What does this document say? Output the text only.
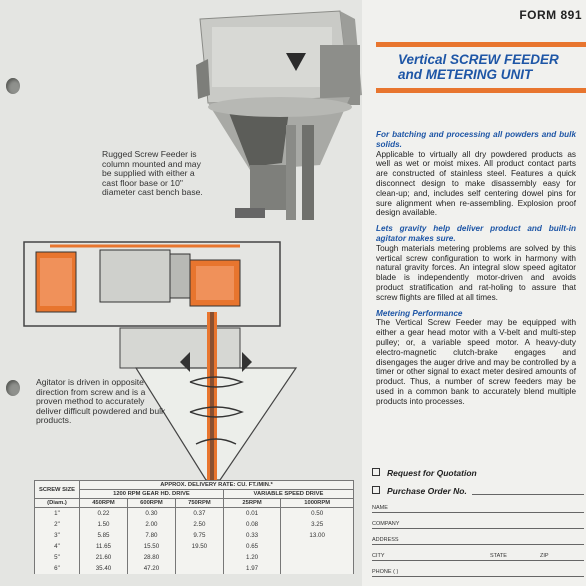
Rugged Screw Feeder is column mounted and may be supplied with either a cast floor base or 10" diameter cast bench base.
Agitator is driven in opposite direction from screw and is a proven method to accurately deliver difficult powdered and bulk products.
SCREW SIZE	APPROX. DELIVERY RATE: CU. FT./MIN.*				
	1200 RPM GEAR HD. DRIVE			VARIABLE SPEED DRIVE	
(Diam.)	450RPM	600RPM	750RPM	25RPM	1000RPM
1"	0.22	0.30	0.37	0.01	0.50
2"	1.50	2.00	2.50	0.08	3.25
3"	5.85	7.80	9.75	0.33	13.00
4"	11.65	15.50	19.50	0.65	
5"	21.60	28.80		1.20	
6"	35.40	47.20		1.97	
FORM 891
Vertical SCREW FEEDER
and METERING UNIT
For batching and processing all powders and bulk solids.

Applicable to virtually all dry powdered products as well as wet or moist mixes. All product contact parts are constructed of stainless steel. Features a quick disconnect design to make disassembly easy for clean-up; and, includes self centering dowel pins for sure alignment when re-assembling. Explosion proof design available.

Lets gravity help deliver product and built-in agitator makes sure.

Tough materials metering problems are solved by this vertical screw configuration to work in harmony with natural gravity forces. An integral slow speed agitator blade is independently motor-driven and avoids product stratification and rat-holing to assure that screw flights are filled at all times.

Metering Performance

The Vertical Screw Feeder may be equipped with either a gear head motor with a V-belt and multi-step pulley; or, a variable speed motor. A heavy-duty electro-magnetic clutch-brake engages and disengages the auger drive and may be controlled by a timer or other signal to exact meter desired amounts of product. Thus, a number of screw feeders may be used in a common bank to accurately blend multiple products into processes.

Request for Quotation
Purchase Order No.
NAME
COMPANY
ADDRESS
CITY	STATE	ZIP
PHONE ( )
